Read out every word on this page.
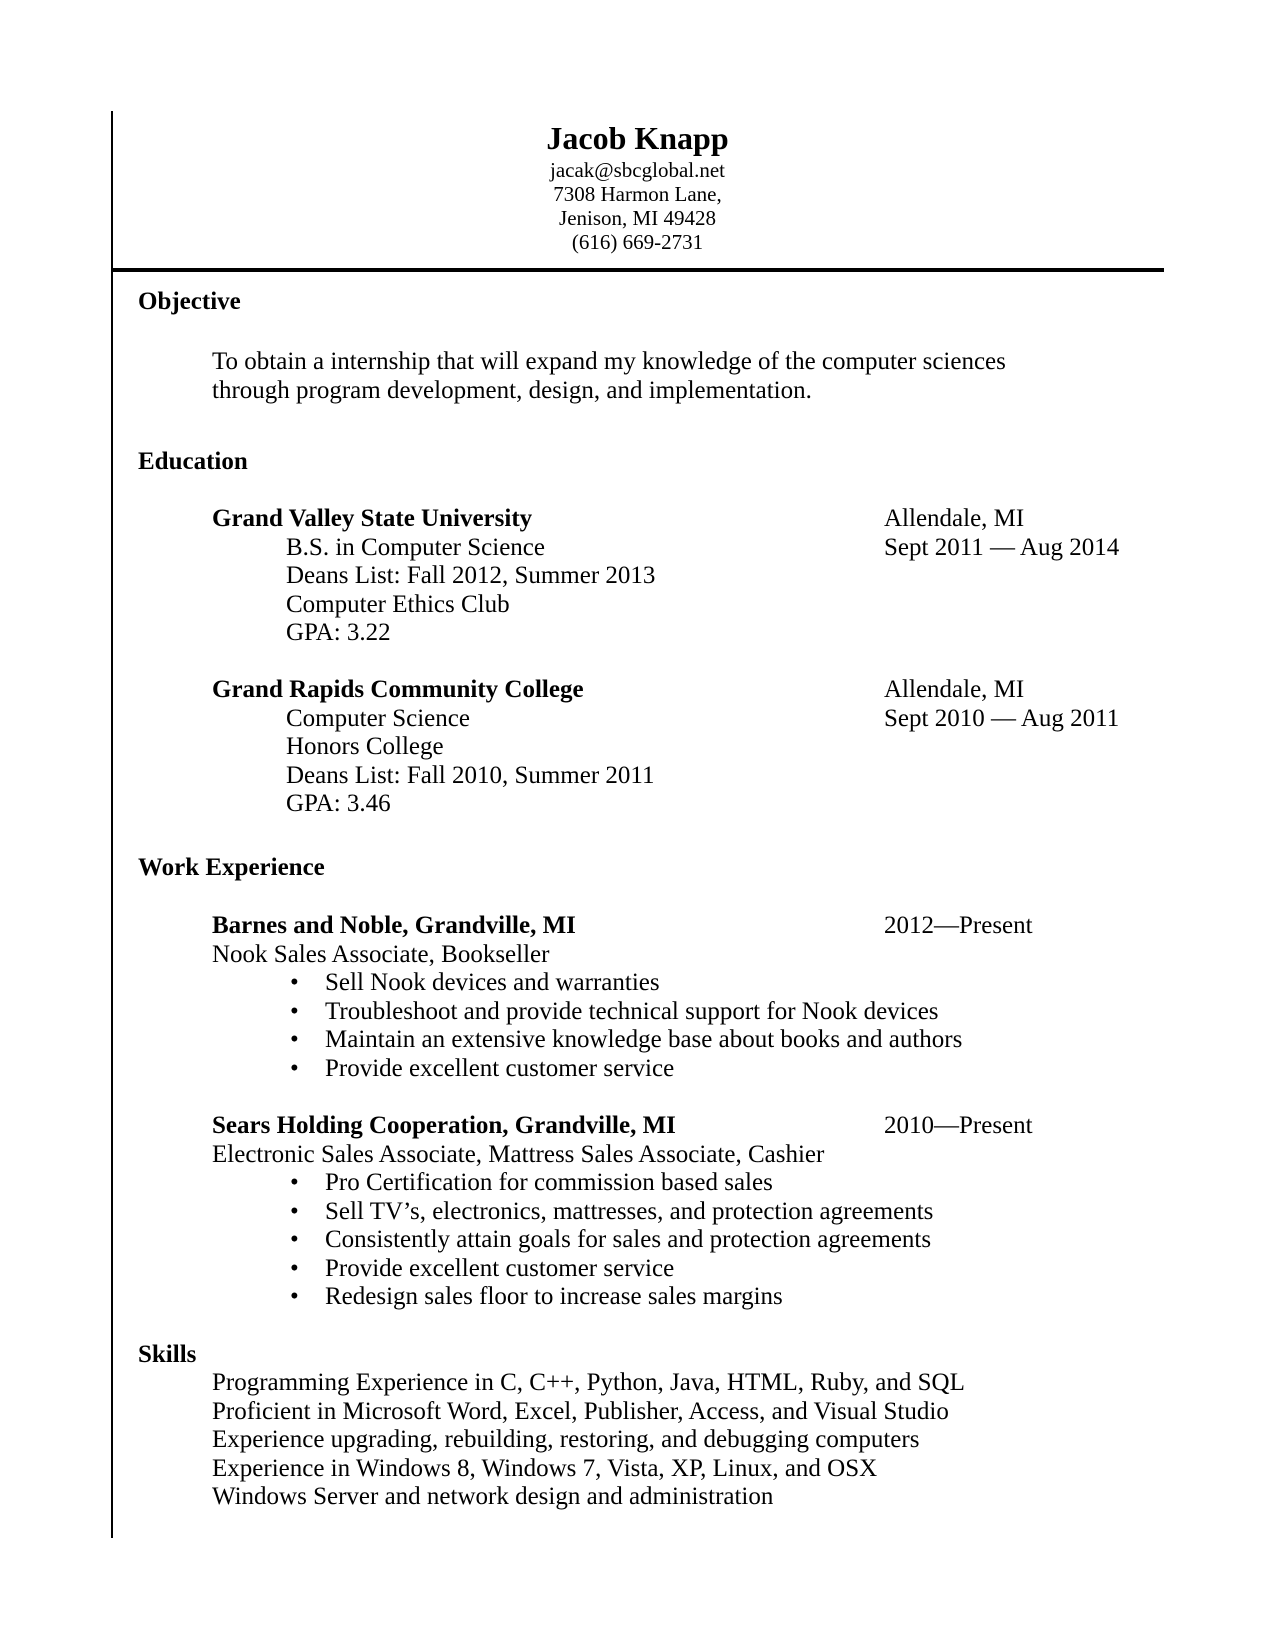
Jacob Knapp
jacak@sbcglobal.net
7308 Harmon Lane,
Jenison, MI 49428
(616) 669-2731
Objective
To obtain a internship that will expand my knowledge of the computer sciences
through program development, design, and implementation.
Education
Grand Valley State University	Allendale, MI
B.S. in Computer Science	Sept 2011 — Aug 2014
Deans List: Fall 2012, Summer 2013
Computer Ethics Club
GPA: 3.22
Grand Rapids Community College	Allendale, MI
Computer Science	Sept 2010 — Aug 2011
Honors College
Deans List: Fall 2010, Summer 2011
GPA: 3.46
Work Experience
Barnes and Noble, Grandville, MI	2012—Present
Nook Sales Associate, Bookseller
• Sell Nook devices and warranties
• Troubleshoot and provide technical support for Nook devices
• Maintain an extensive knowledge base about books and authors
• Provide excellent customer service
Sears Holding Cooperation, Grandville, MI	2010—Present
Electronic Sales Associate, Mattress Sales Associate, Cashier
• Pro Certification for commission based sales
• Sell TV’s, electronics, mattresses, and protection agreements
• Consistently attain goals for sales and protection agreements
• Provide excellent customer service
• Redesign sales floor to increase sales margins
Skills
Programming Experience in C, C++, Python, Java, HTML, Ruby, and SQL
Proficient in Microsoft Word, Excel, Publisher, Access, and Visual Studio
Experience upgrading, rebuilding, restoring, and debugging computers
Experience in Windows 8, Windows 7, Vista, XP, Linux, and OSX
Windows Server and network design and administration
